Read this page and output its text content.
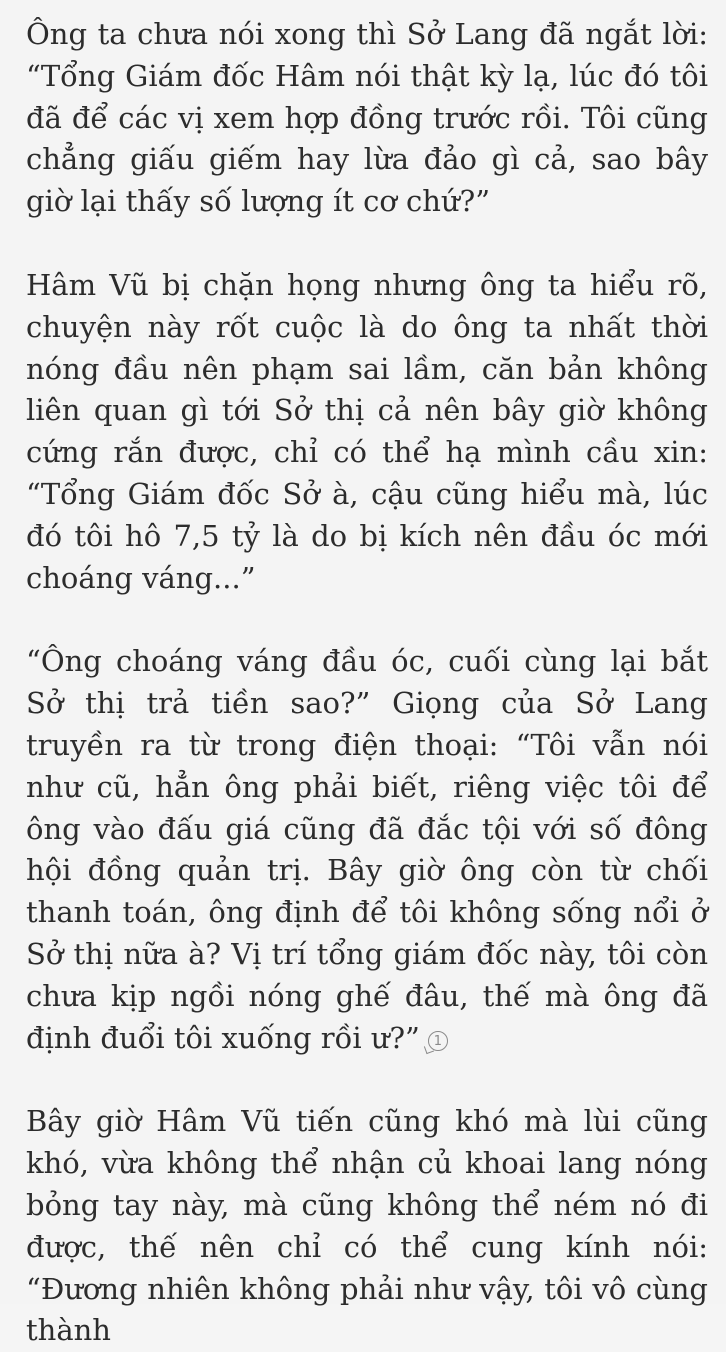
Ông ta chưa nói xong thì Sở Lang đã ngắt lời: “Tổng Giám đốc Hâm nói thật kỳ lạ, lúc đó tôi đã để các vị xem hợp đồng trước rồi. Tôi cũng chẳng giấu giếm hay lừa đảo gì cả, sao bây giờ lại thấy số lượng ít cơ chứ?”

Hâm Vũ bị chặn họng nhưng ông ta hiểu rõ, chuyện này rốt cuộc là do ông ta nhất thời nóng đầu nên phạm sai lầm, căn bản không liên quan gì tới Sở thị cả nên bây giờ không cứng rắn được, chỉ có thể hạ mình cầu xin: “Tổng Giám đốc Sở à, cậu cũng hiểu mà, lúc đó tôi hô 7,5 tỷ là do bị kích nên đầu óc mới choáng váng...”

“Ông choáng váng đầu óc, cuối cùng lại bắt Sở thị trả tiền sao?” Giọng của Sở Lang truyền ra từ trong điện thoại: “Tôi vẫn nói như cũ, hẳn ông phải biết, riêng việc tôi để ông vào đấu giá cũng đã đắc tội với số đông hội đồng quản trị. Bây giờ ông còn từ chối thanh toán, ông định để tôi không sống nổi ở Sở thị nữa à? Vị trí tổng giám đốc này, tôi còn chưa kịp ngồi nóng ghế đâu, thế mà ông đã định đuổi tôi xuống rồi ư?” 1

Bây giờ Hâm Vũ tiến cũng khó mà lùi cũng khó, vừa không thể nhận củ khoai lang nóng bỏng tay này, mà cũng không thể ném nó đi được, thế nên chỉ có thể cung kính nói: “Đương nhiên không phải như vậy, tôi vô cùng thành
